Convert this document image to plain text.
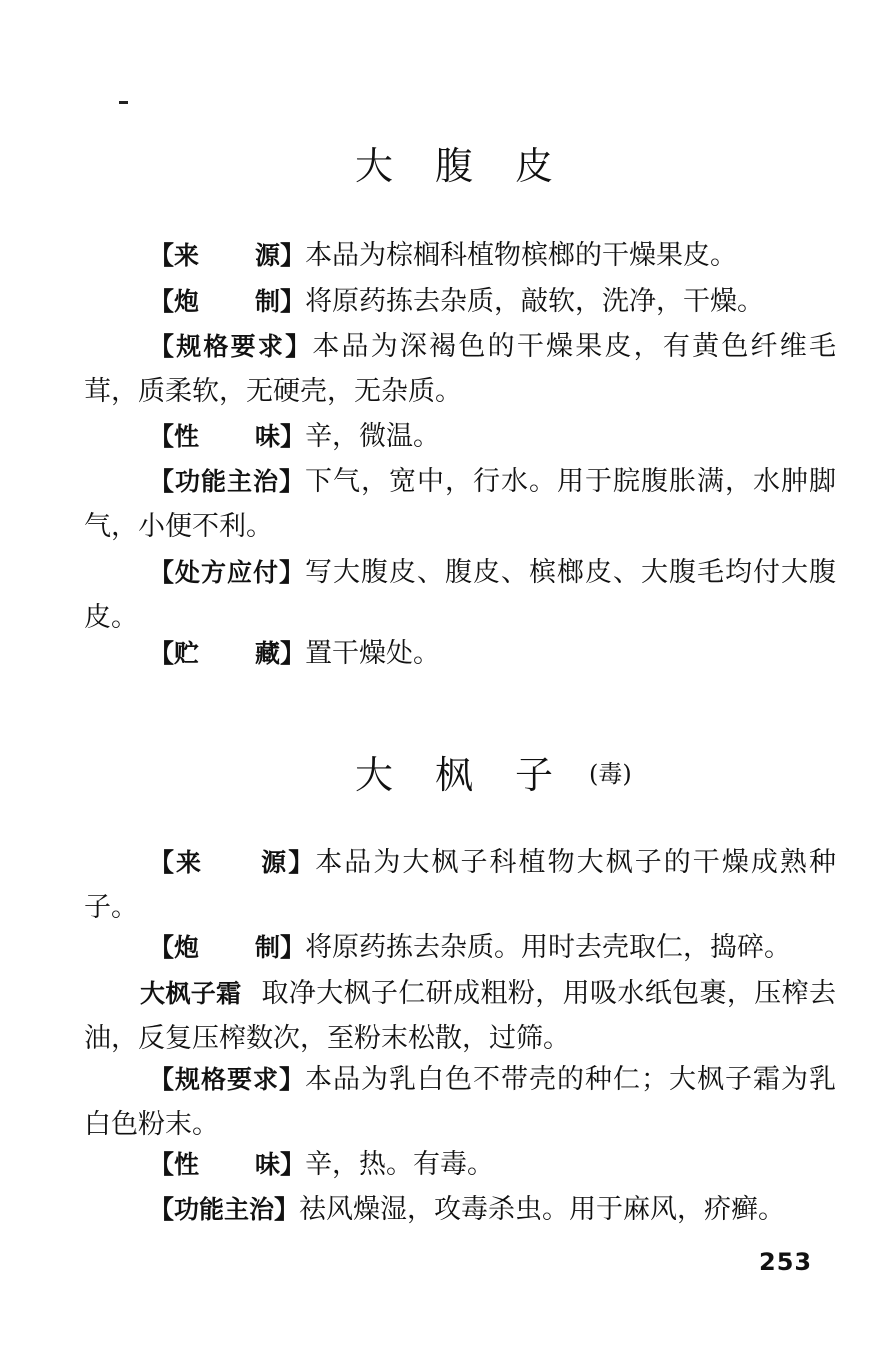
大 腹 皮
【来 源】本品为棕榈科植物槟榔的干燥果皮。
【炮 制】将原药拣去杂质，敲软，洗净，干燥。
【规格要求】本品为深褐色的干燥果皮，有黄色纤维毛茸，质柔软，无硬壳，无杂质。
【性 味】辛，微温。
【功能主治】下气，宽中，行水。用于脘腹胀满，水肿脚气，小便不利。
【处方应付】写大腹皮、腹皮、槟榔皮、大腹毛均付大腹皮。
【贮 藏】置干燥处。
大 枫 子 (毒)
【来 源】本品为大枫子科植物大枫子的干燥成熟种子。
【炮 制】将原药拣去杂质。用时去壳取仁，捣碎。
大枫子霜 取净大枫子仁研成粗粉，用吸水纸包裹，压榨去油，反复压榨数次，至粉末松散，过筛。
【规格要求】本品为乳白色不带壳的种仁；大枫子霜为乳白色粉末。
【性 味】辛，热。有毒。
【功能主治】祛风燥湿，攻毒杀虫。用于麻风，疥癣。
253
